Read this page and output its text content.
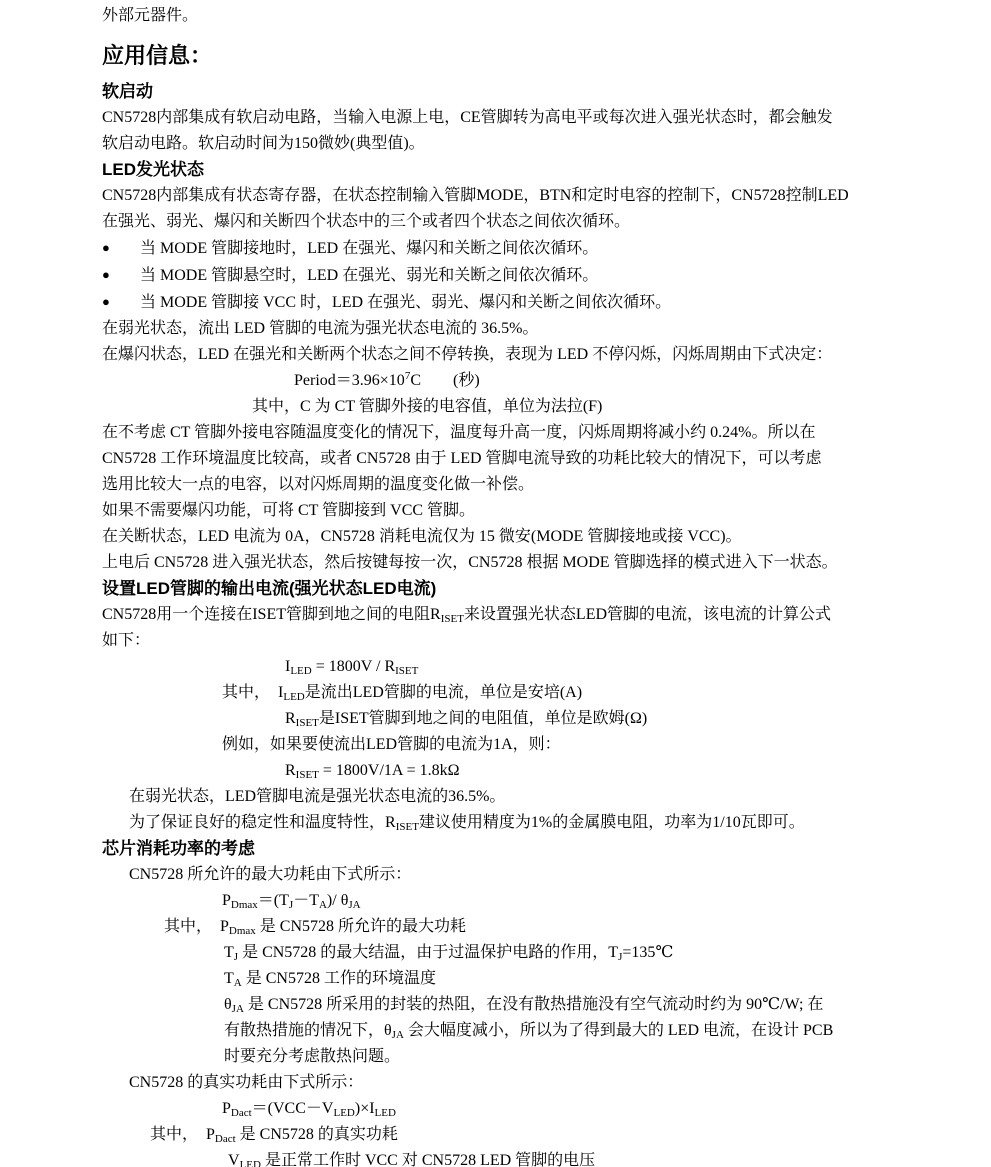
外部元器件。
应用信息：
软启动
CN5728内部集成有软启动电路，当输入电源上电，CE管脚转为高电平或每次进入强光状态时，都会触发
软启动电路。软启动时间为150微妙(典型值)。
LED发光状态
CN5728内部集成有状态寄存器，在状态控制输入管脚MODE，BTN和定时电容的控制下，CN5728控制LED
在强光、弱光、爆闪和关断四个状态中的三个或者四个状态之间依次循环。
● 当 MODE 管脚接地时，LED 在强光、爆闪和关断之间依次循环。
● 当 MODE 管脚悬空时，LED 在强光、弱光和关断之间依次循环。
● 当 MODE 管脚接 VCC 时，LED 在强光、弱光、爆闪和关断之间依次循环。
在弱光状态，流出 LED 管脚的电流为强光状态电流的 36.5%。
在爆闪状态，LED 在强光和关断两个状态之间不停转换，表现为 LED 不停闪烁，闪烁周期由下式决定：
$Period=3.96\times 10^7C$　　(秒)
其中，C 为 CT 管脚外接的电容值，单位为法拉(F)
在不考虑 CT 管脚外接电容随温度变化的情况下，温度每升高一度，闪烁周期将减小约 0.24%。所以在
CN5728 工作环境温度比较高，或者 CN5728 由于 LED 管脚电流导致的功耗比较大的情况下，可以考虑
选用比较大一点的电容，以对闪烁周期的温度变化做一补偿。
如果不需要爆闪功能，可将 CT 管脚接到 VCC 管脚。
在关断状态，LED 电流为 0A，CN5728 消耗电流仅为 15 微安(MODE 管脚接地或接 VCC)。
上电后 CN5728 进入强光状态，然后按键每按一次，CN5728 根据 MODE 管脚选择的模式进入下一状态。
设置LED管脚的输出电流(强光状态LED电流)
CN5728用一个连接在ISET管脚到地之间的电阻$R_{ISET}$来设置强光状态LED管脚的电流，该电流的计算公式
如下：
$I_{LED} = 1800V / R_{ISET}$
其中，　$I_{LED}$是流出LED管脚的电流，单位是安培(A)
$R_{ISET}$是ISET管脚到地之间的电阻值，单位是欧姆(Ω)
例如，如果要使流出LED管脚的电流为1A，则：
$R_{ISET} = 1800V/1A = 1.8k\Omega$
在弱光状态，LED管脚电流是强光状态电流的36.5%。
为了保证良好的稳定性和温度特性，$R_{ISET}$建议使用精度为1%的金属膜电阻，功率为1/10瓦即可。
芯片消耗功率的考虑
CN5728 所允许的最大功耗由下式所示：
$P_{Dmax}=(T_J-T_A)/$ $\theta_{JA}$
其中，　$P_{Dmax}$ 是 CN5728 所允许的最大功耗
$T_J$ 是 CN5728 的最大结温，由于过温保护电路的作用，$T_J=135℃$
$T_A$ 是 CN5728 工作的环境温度
$\theta_{JA}$ 是 CN5728 所采用的封装的热阻，在没有散热措施没有空气流动时约为 90℃/W; 在
有散热措施的情况下，$\theta_{JA}$ 会大幅度减小，所以为了得到最大的 LED 电流，在设计 PCB
时要充分考虑散热问题。
CN5728 的真实功耗由下式所示：
$P_{Dact}=(VCC-V_{LED})\times I_{LED}$
其中，　$P_{Dact}$ 是 CN5728 的真实功耗
$V_{LED}$ 是正常工作时 VCC 对 CN5728 LED 管脚的电压
